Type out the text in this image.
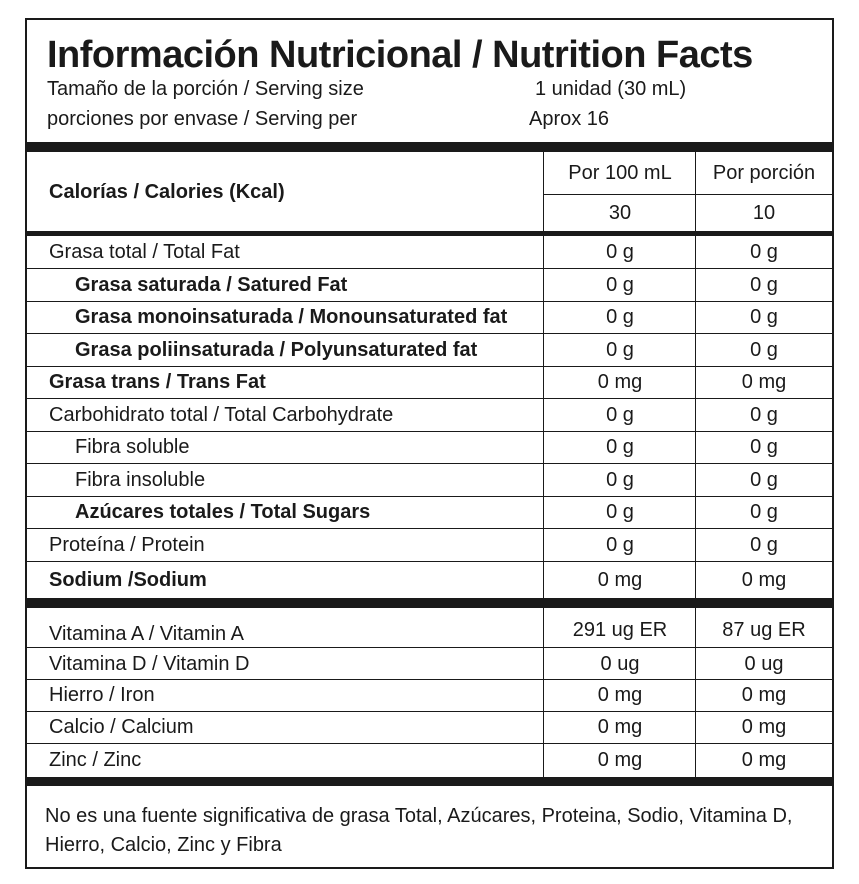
Información Nutricional / Nutrition Facts
Tamaño de la porción / Serving size	1 unidad (30 mL)
porciones por envase / Serving per	Aprox 16
Calorías / Calories (Kcal)
Por 100 mL	Por porción
30	10
Grasa total / Total Fat	0 g	0 g
Grasa saturada / Satured Fat	0 g	0 g
Grasa monoinsaturada / Monounsaturated fat	0 g	0 g
Grasa poliinsaturada / Polyunsaturated fat	0 g	0 g
Grasa trans / Trans Fat	0 mg	0 mg
Carbohidrato total / Total Carbohydrate	0 g	0 g
Fibra soluble	0 g	0 g
Fibra insoluble	0 g	0 g
Azúcares totales / Total Sugars	0 g	0 g
Proteína / Protein	0 g	0 g
Sodium /Sodium	0 mg	0 mg
Vitamina A / Vitamin A	291 ug ER	87 ug ER
Vitamina D / Vitamin D	0 ug	0 ug
Hierro / Iron	0 mg	0 mg
Calcio / Calcium	0 mg	0 mg
Zinc / Zinc	0 mg	0 mg
No es una fuente significativa de grasa Total, Azúcares, Proteina, Sodio, Vitamina D, Hierro, Calcio, Zinc y Fibra
